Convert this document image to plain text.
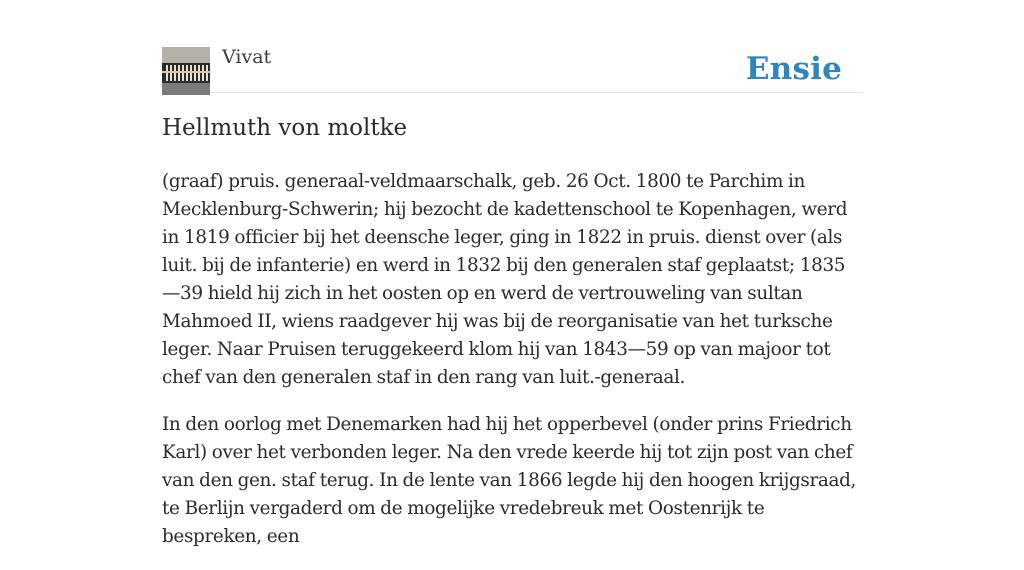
Vivat	Ensie
Hellmuth von moltke

(graaf) pruis. generaal-veldmaarschalk, geb. 26 Oct. 1800 te Parchim in Mecklenburg-Schwerin; hij bezocht de kadettenschool te Kopenhagen, werd in 1819 officier bij het deensche leger, ging in 1822 in pruis. dienst over (als luit. bij de infanterie) en werd in 1832 bij den generalen staf geplaatst; 1835—39 hield hij zich in het oosten op en werd de vertrouweling van sultan Mahmoed II, wiens raadgever hij was bij de reorganisatie van het turksche leger. Naar Pruisen teruggekeerd klom hij van 1843—59 op van majoor tot chef van den generalen staf in den rang van luit.-generaal.

In den oorlog met Denemarken had hij het opperbevel (onder prins Friedrich Karl) over het verbonden leger. Na den vrede keerde hij tot zijn post van chef van den gen. staf terug. In de lente van 1866 legde hij den hoogen krijgsraad, te Berlijn vergaderd om de mogelijke vredebreuk met Oostenrijk te bespreken, een
